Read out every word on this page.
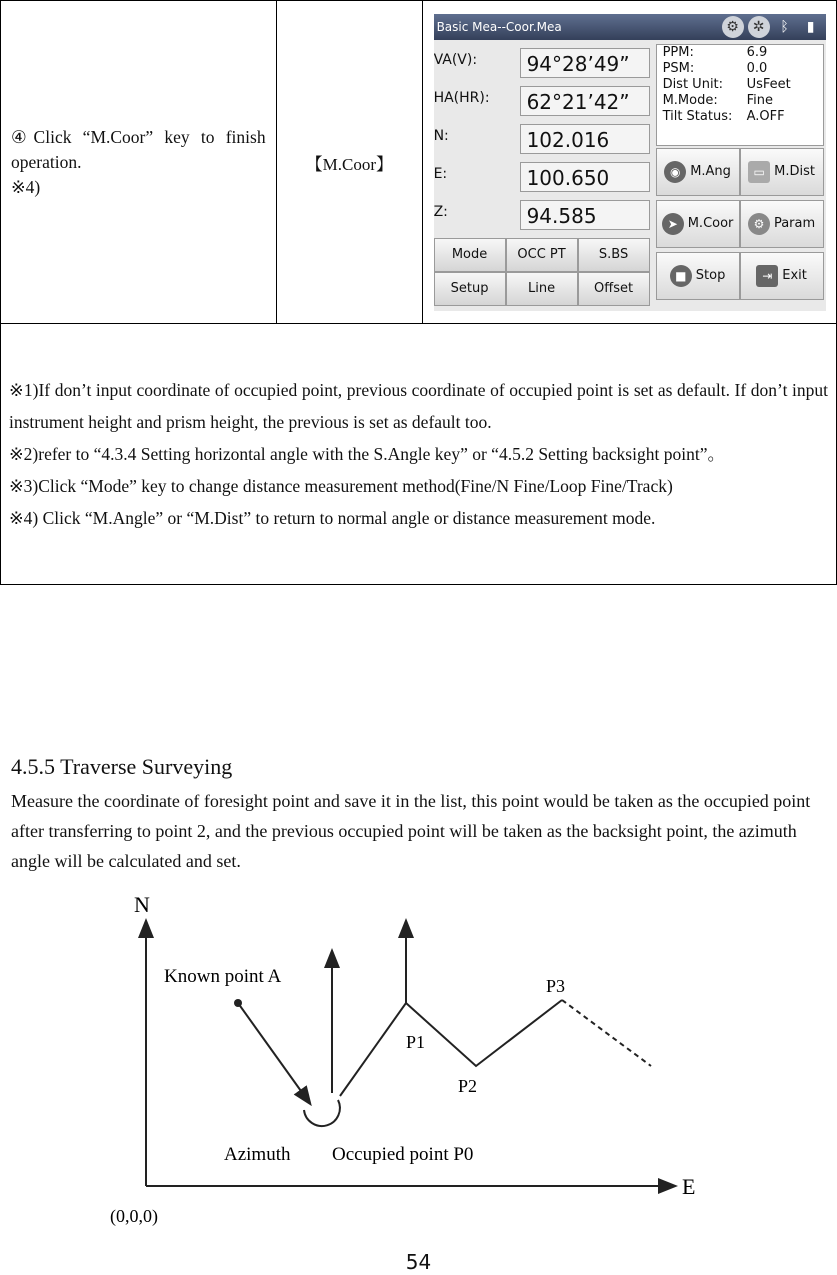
④Click “M.Coor” key to finish operation.
※4)
	【M.Coor】	
Basic Mea--Coor.Mea	⚙ ✲	ᛒ	▮
VA(V):	94°28’49”
HA(HR):	62°21’42”
N:	102.016
E:	100.650
Z:	94.585
PPM:	6.9
PSM:	0.0
Dist Unit:	UsFeet
M.Mode:	Fine
Tilt Status:	A.OFF
◉ M.Ang	▭ M.Dist
➤ M.Coor	⚙ Param
■ Stop	⇥ Exit
Mode	OCC PT	S.BS
Setup	Line	Offset

※1)If don’t input coordinate of occupied point, previous coordinate of occupied point is set as default. If don’t input instrument height and prism height, the previous is set as default too.

※2)refer to “4.3.4 Setting horizontal angle with the S.Angle key” or “4.5.2 Setting backsight point”。

※3)Click “Mode” key to change distance measurement method(Fine/N Fine/Loop Fine/Track)

※4) Click “M.Angle” or “M.Dist” to return to normal angle or distance measurement mode.

4.5.5 Traverse Surveying
Measure the coordinate of foresight point and save it in the list, this point would be taken as the occupied point after transferring to point 2, and the previous occupied point will be taken as the backsight point, the azimuth angle will be calculated and set.
N
E
(0,0,0)
Known point A
P1
P2
P3
Azimuth Occupied point P0
54
